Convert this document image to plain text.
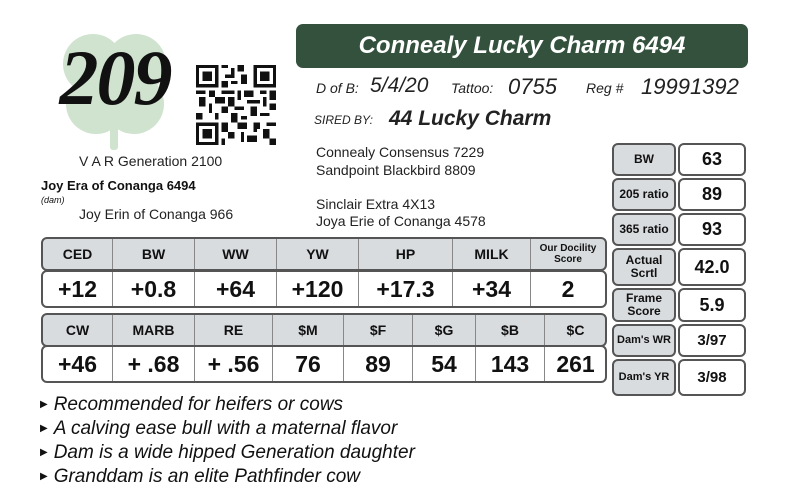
209	Connealy Lucky Charm 6494
D of B: 5/4/20 Tattoo: 0755 Reg # 19991392
SIRED BY: 44 Lucky Charm
Connealy Consensus 7229
Sandpoint Blackbird 8809
Sinclair Extra 4X13
Joya Erie of Conanga 4578
V A R Generation 2100
Joy Era of Conanga 6494
(dam)
Joy Erin of Conanga 966
CED	BW	WW	YW	HP	MILK	Our Docility Score
+12	+0.8	+64	+120	+17.3	+34	2
CW	MARB	RE	$M	$F	$G	$B	$C
+46	+ .68	+ .56	76	89	54	143	261
BW	63
205 ratio	89
365 ratio	93
Actual Scrtl	42.0
Frame Score	5.9
Dam's WR	3/97
Dam's YR	3/98
▶ Recommended for heifers or cows
▶ A calving ease bull with a maternal flavor
▶ Dam is a wide hipped Generation daughter
▶ Granddam is an elite Pathfinder cow
